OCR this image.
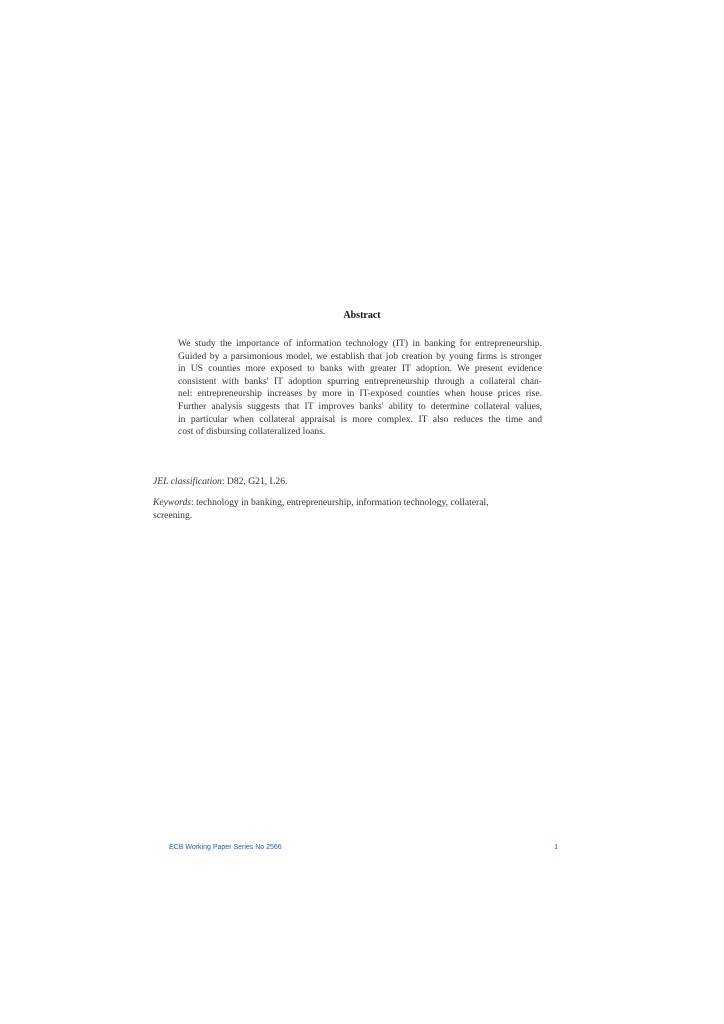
Abstract
We study the importance of information technology (IT) in banking for entrepreneurship.
Guided by a parsimonious model, we establish that job creation by young firms is stronger
in US counties more exposed to banks with greater IT adoption. We present evidence
consistent with banks' IT adoption spurring entrepreneurship through a collateral chan-
nel: entrepreneurship increases by more in IT-exposed counties when house prices rise.
Further analysis suggests that IT improves banks' ability to determine collateral values,
in particular when collateral appraisal is more complex. IT also reduces the time and
cost of disbursing collateralized loans.
JEL classification: D82, G21, L26.
Keywords: technology in banking, entrepreneurship, information technology, collateral,
screening.
ECB Working Paper Series No 2566	1
